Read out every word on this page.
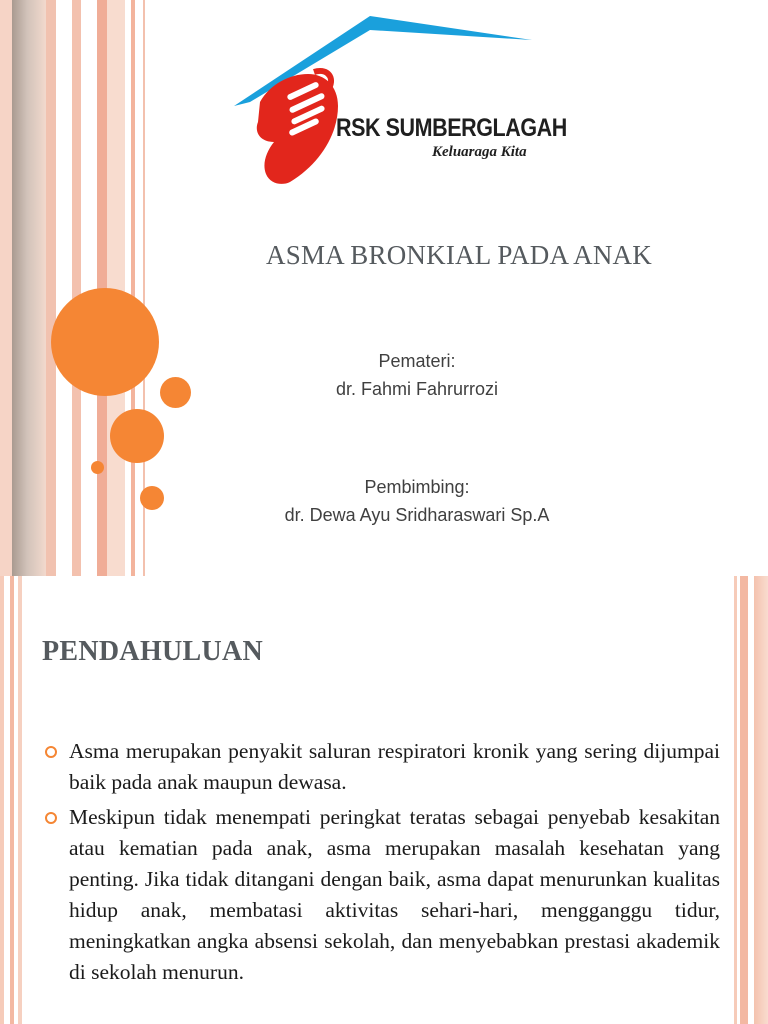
RSK SUMBERGLAGAH
Keluaraga Kita
ASMA BRONKIAL PADA ANAK
Pemateri:
dr. Fahmi Fahrurrozi
Pembimbing:
dr. Dewa Ayu Sridharaswari Sp.A
PENDAHULUAN
Asma merupakan penyakit saluran respiratori kronik yang sering dijumpai baik pada anak maupun dewasa.
Meskipun tidak menempati peringkat teratas sebagai penyebab kesakitan atau kematian pada anak, asma merupakan masalah kesehatan yang penting. Jika tidak ditangani dengan baik, asma dapat menurunkan kualitas hidup anak, membatasi aktivitas sehari-hari, mengganggu tidur, meningkatkan angka absensi sekolah, dan menyebabkan prestasi akademik di sekolah menurun.
